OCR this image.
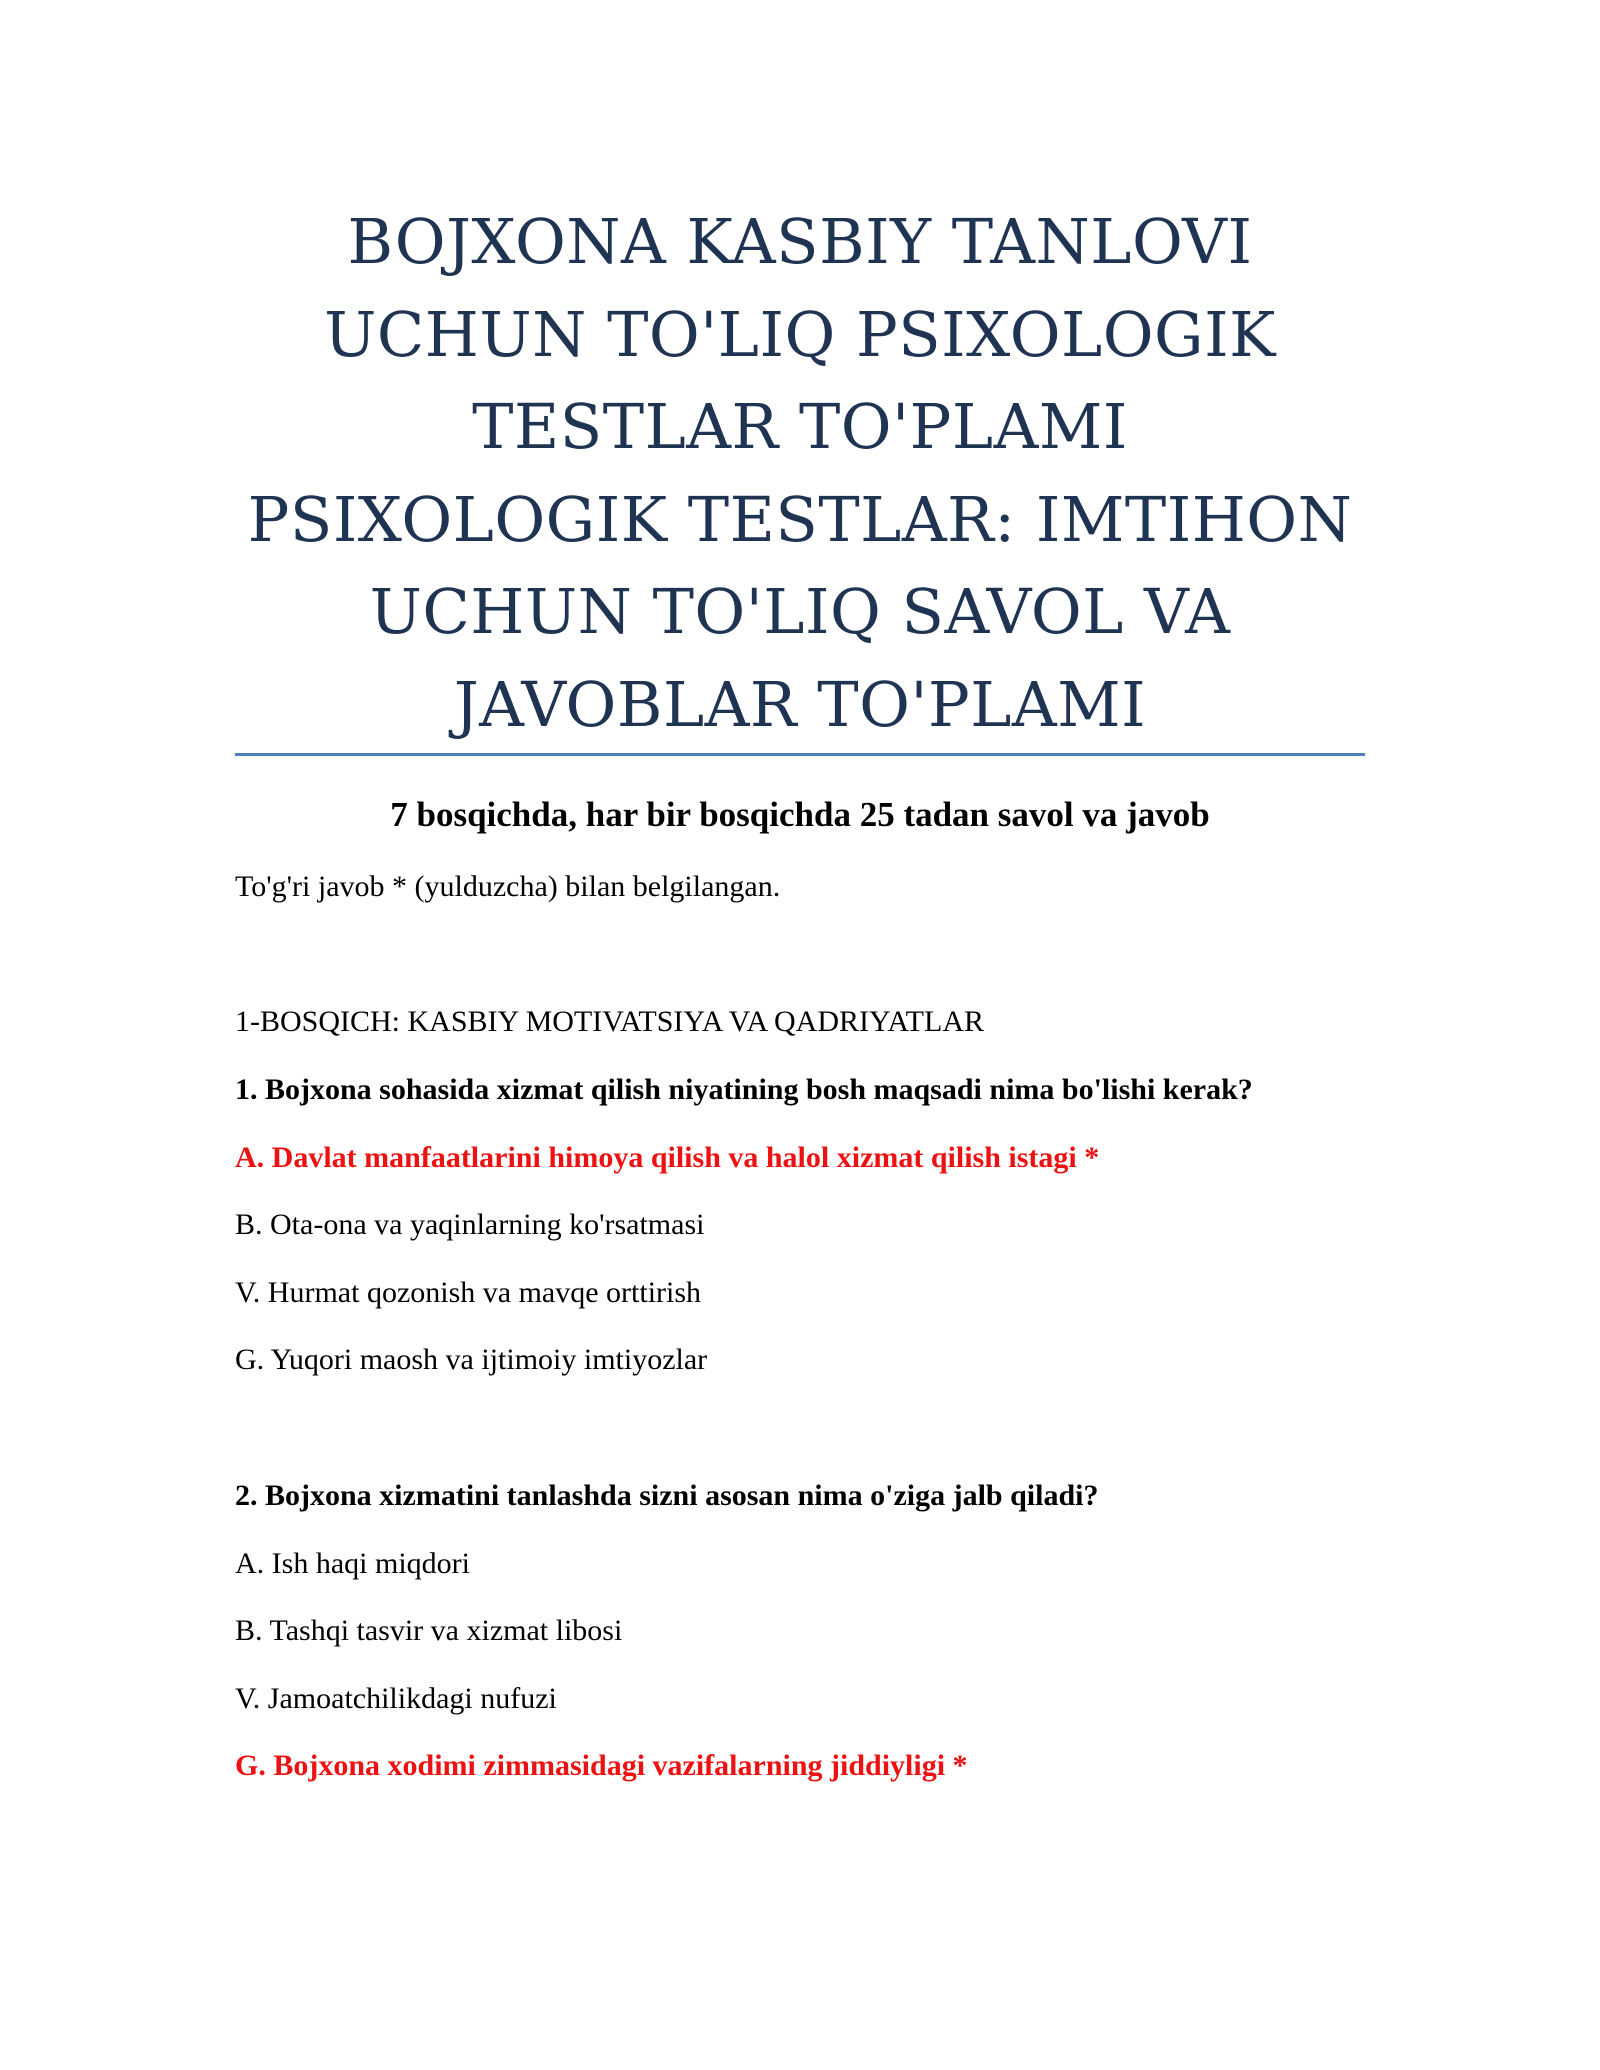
BOJXONA KASBIY TANLOVI
UCHUN TO'LIQ PSIXOLOGIK
TESTLAR TO'PLAMI
PSIXOLOGIK TESTLAR: IMTIHON
UCHUN TO'LIQ SAVOL VA
JAVOBLAR TO'PLAMI
7 bosqichda, har bir bosqichda 25 tadan savol va javob
To'g'ri javob * (yulduzcha) bilan belgilangan.
1-BOSQICH: KASBIY MOTIVATSIYA VA QADRIYATLAR
1. Bojxona sohasida xizmat qilish niyatining bosh maqsadi nima bo'lishi kerak?
A. Davlat manfaatlarini himoya qilish va halol xizmat qilish istagi *
B. Ota-ona va yaqinlarning ko'rsatmasi
V. Hurmat qozonish va mavqe orttirish
G. Yuqori maosh va ijtimoiy imtiyozlar
2. Bojxona xizmatini tanlashda sizni asosan nima o'ziga jalb qiladi?
A. Ish haqi miqdori
B. Tashqi tasvir va xizmat libosi
V. Jamoatchilikdagi nufuzi
G. Bojxona xodimi zimmasidagi vazifalarning jiddiyligi *
